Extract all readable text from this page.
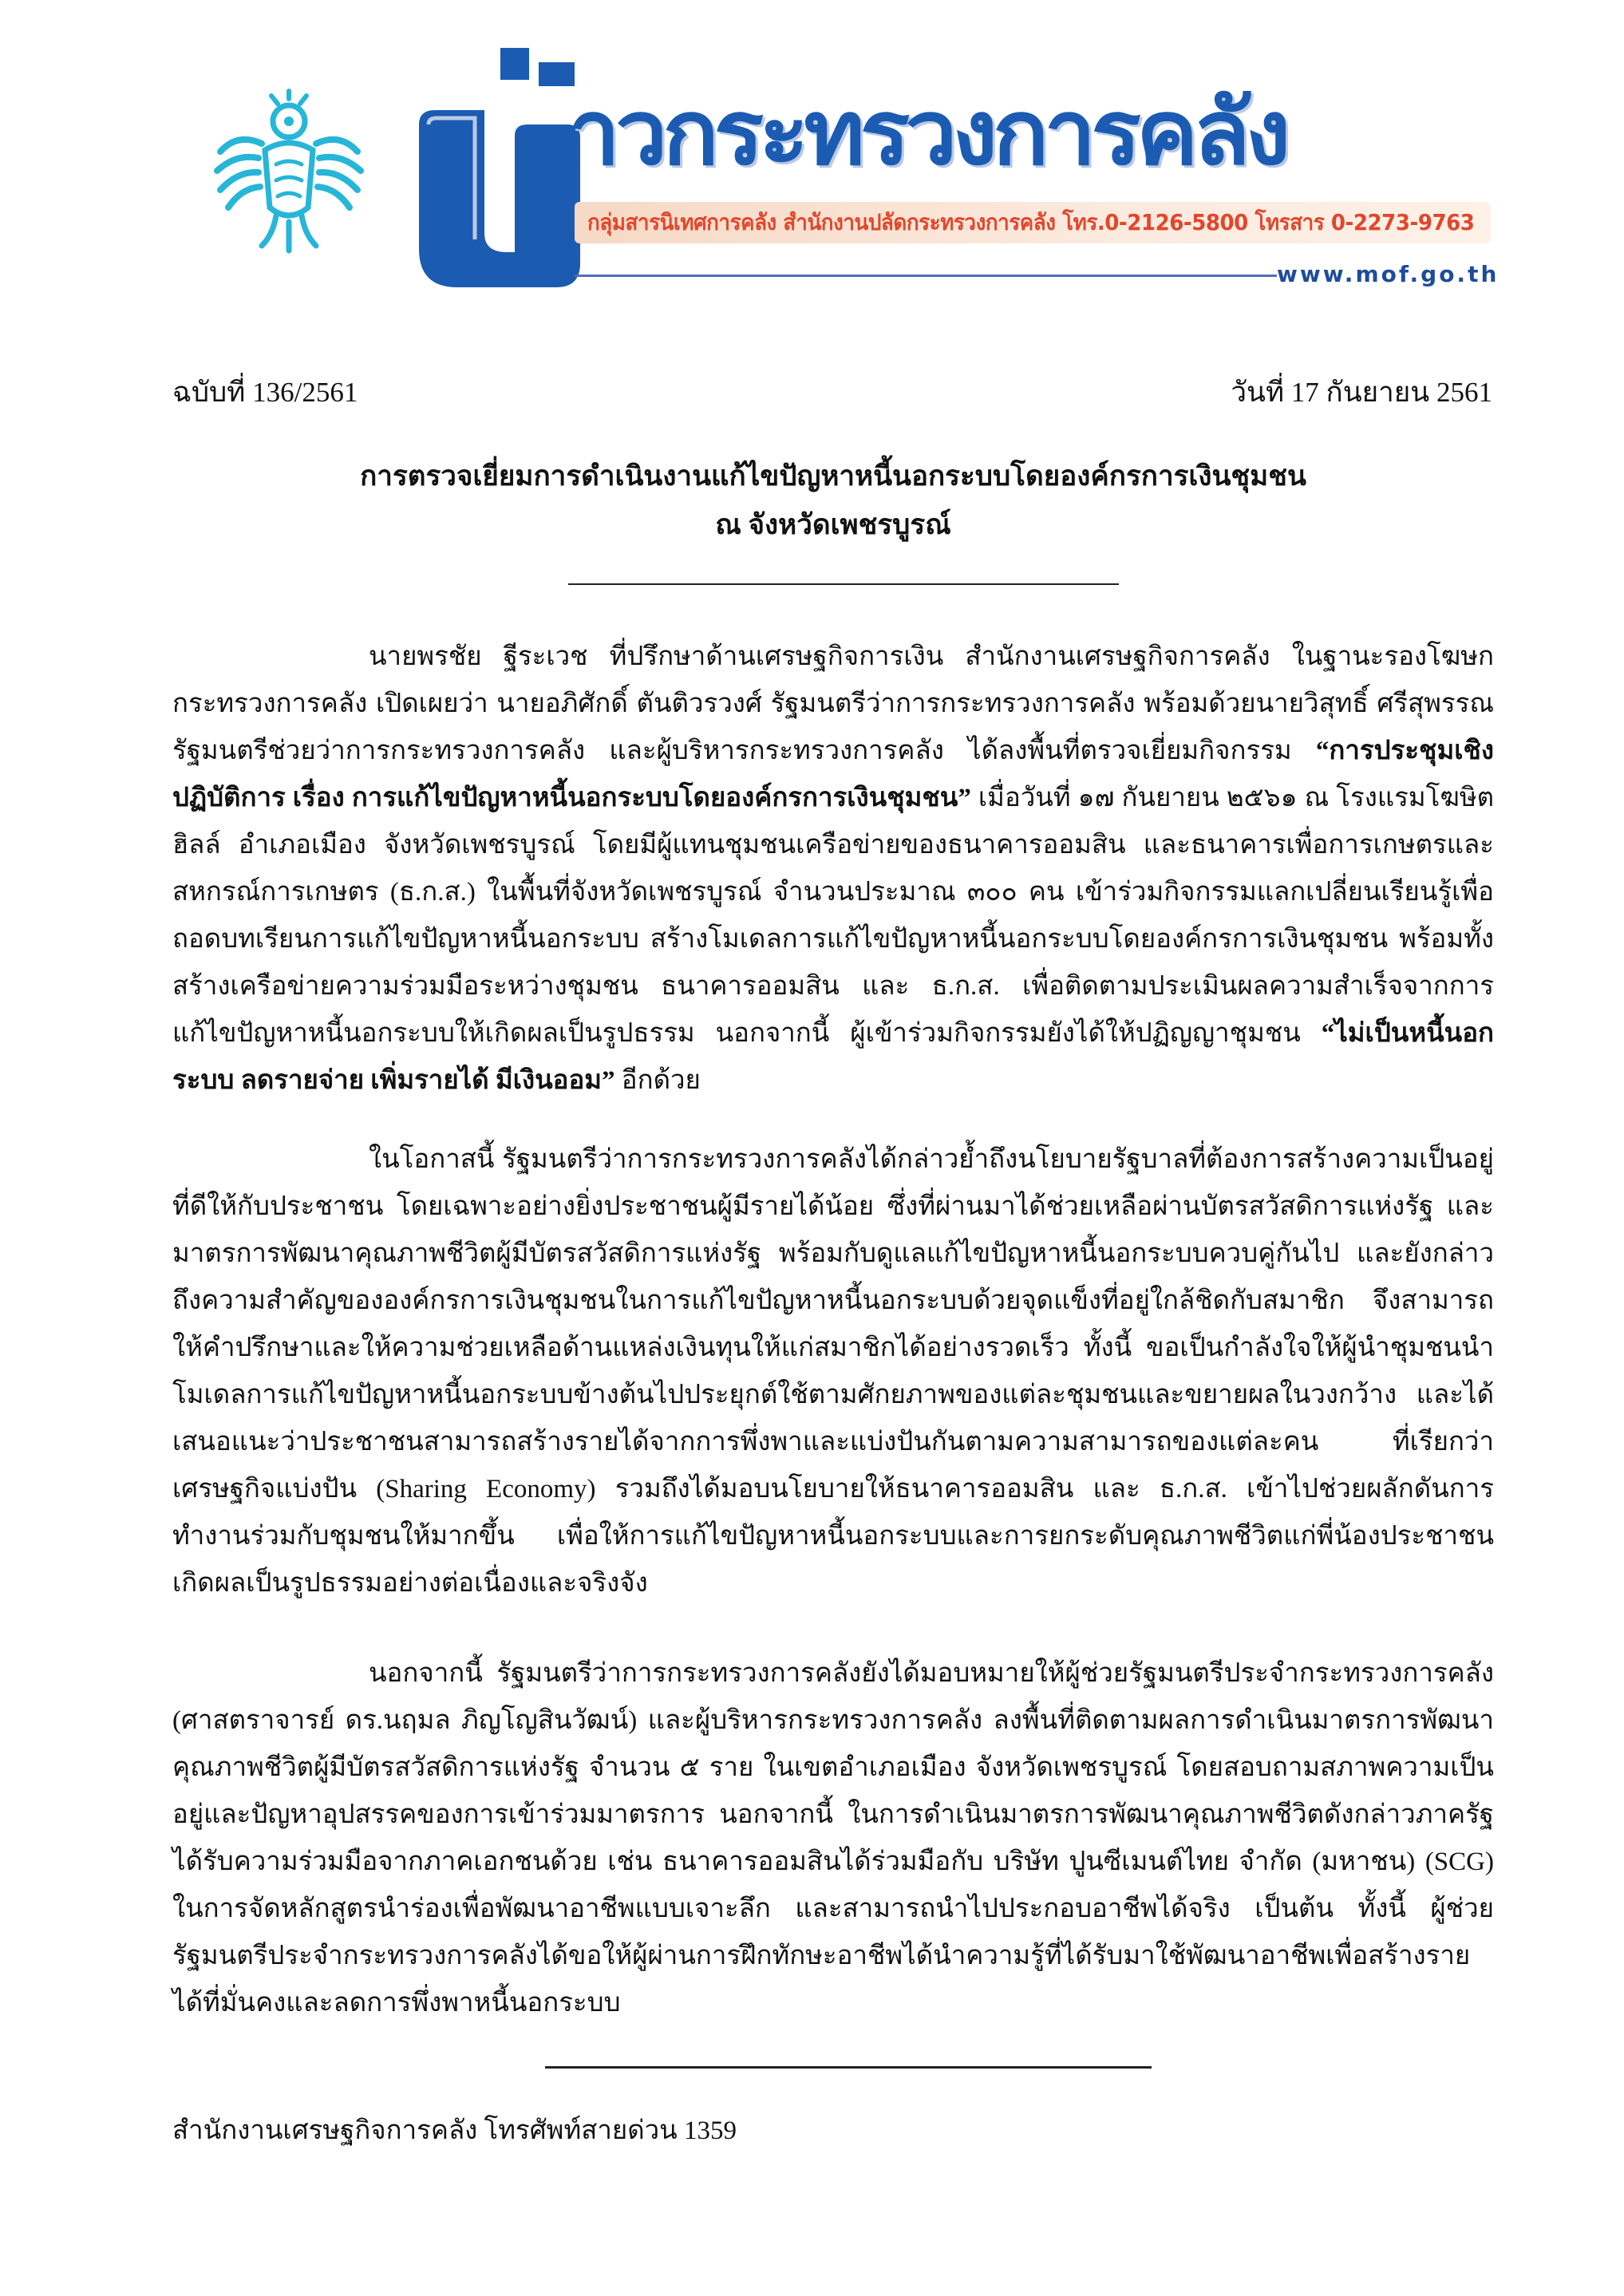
าวกระทรวงการคลัง
กลุ่มสารนิเทศการคลัง สำนักงานปลัดกระทรวงการคลัง โทร.0-2126-5800 โทรสาร 0-2273-9763
www.mof.go.th
ฉบับที่ 136/2561	วันที่ 17 กันยายน 2561
การตรวจเยี่ยมการดำเนินงานแก้ไขปัญหาหนี้นอกระบบโดยองค์กรการเงินชุมชน
ณ จังหวัดเพชรบูรณ์

นายพรชัย ฐีระเวช ที่ปรึกษาด้านเศรษฐกิจการเงิน สำนักงานเศรษฐกิจการคลัง ในฐานะรองโฆษกกระทรวงการคลัง เปิดเผยว่า นายอภิศักดิ์ ตันติวรวงศ์ รัฐมนตรีว่าการกระทรวงการคลัง พร้อมด้วยนายวิสุทธิ์ ศรีสุพรรณ รัฐมนตรีช่วยว่าการกระทรวงการคลัง และผู้บริหารกระทรวงการคลัง ได้ลงพื้นที่ตรวจเยี่ยมกิจกรรม “การประชุมเชิงปฏิบัติการ เรื่อง การแก้ไขปัญหาหนี้นอกระบบโดยองค์กรการเงินชุมชน” เมื่อวันที่ ๑๗ กันยายน ๒๕๖๑ ณ โรงแรมโฆษิตฮิลล์ อำเภอเมือง จังหวัดเพชรบูรณ์ โดยมีผู้แทนชุมชนเครือข่ายของธนาคารออมสิน และธนาคารเพื่อการเกษตรและสหกรณ์การเกษตร (ธ.ก.ส.) ในพื้นที่จังหวัดเพชรบูรณ์ จำนวนประมาณ ๓๐๐ คน เข้าร่วมกิจกรรมแลกเปลี่ยนเรียนรู้เพื่อถอดบทเรียนการแก้ไขปัญหาหนี้นอกระบบ สร้างโมเดลการแก้ไขปัญหาหนี้นอกระบบโดยองค์กรการเงินชุมชน พร้อมทั้งสร้างเครือข่ายความร่วมมือระหว่างชุมชน ธนาคารออมสิน และ ธ.ก.ส. เพื่อติดตามประเมินผลความสำเร็จจากการแก้ไขปัญหาหนี้นอกระบบให้เกิดผลเป็นรูปธรรม นอกจากนี้ ผู้เข้าร่วมกิจกรรมยังได้ให้ปฏิญญาชุมชน “ไม่เป็นหนี้นอกระบบ ลดรายจ่าย เพิ่มรายได้ มีเงินออม” อีกด้วย

ในโอกาสนี้ รัฐมนตรีว่าการกระทรวงการคลังได้กล่าวย้ำถึงนโยบายรัฐบาลที่ต้องการสร้างความเป็นอยู่ที่ดีให้กับประชาชน โดยเฉพาะอย่างยิ่งประชาชนผู้มีรายได้น้อย ซึ่งที่ผ่านมาได้ช่วยเหลือผ่านบัตรสวัสดิการแห่งรัฐ และมาตรการพัฒนาคุณภาพชีวิตผู้มีบัตรสวัสดิการแห่งรัฐ พร้อมกับดูแลแก้ไขปัญหาหนี้นอกระบบควบคู่กันไป และยังกล่าวถึงความสำคัญขององค์กรการเงินชุมชนในการแก้ไขปัญหาหนี้นอกระบบด้วยจุดแข็งที่อยู่ใกล้ชิดกับสมาชิก จึงสามารถให้คำปรึกษาและให้ความช่วยเหลือด้านแหล่งเงินทุนให้แก่สมาชิกได้อย่างรวดเร็ว ทั้งนี้ ขอเป็นกำลังใจให้ผู้นำชุมชนนำโมเดลการแก้ไขปัญหาหนี้นอกระบบข้างต้นไปประยุกต์ใช้ตามศักยภาพของแต่ละชุมชนและขยายผลในวงกว้าง และได้เสนอแนะว่าประชาชนสามารถสร้างรายได้จากการพึ่งพาและแบ่งปันกันตามความสามารถของแต่ละคน ที่เรียกว่า เศรษฐกิจแบ่งปัน (Sharing Economy) รวมถึงได้มอบนโยบายให้ธนาคารออมสิน และ ธ.ก.ส. เข้าไปช่วยผลักดันการทำงานร่วมกับชุมชนให้มากขึ้น เพื่อให้การแก้ไขปัญหาหนี้นอกระบบและการยกระดับคุณภาพชีวิตแก่พี่น้องประชาชนเกิดผลเป็นรูปธรรมอย่างต่อเนื่องและจริงจัง

นอกจากนี้ รัฐมนตรีว่าการกระทรวงการคลังยังได้มอบหมายให้ผู้ช่วยรัฐมนตรีประจำกระทรวงการคลัง (ศาสตราจารย์ ดร.นฤมล ภิญโญสินวัฒน์) และผู้บริหารกระทรวงการคลัง ลงพื้นที่ติดตามผลการดำเนินมาตรการพัฒนาคุณภาพชีวิตผู้มีบัตรสวัสดิการแห่งรัฐ จำนวน ๕ ราย ในเขตอำเภอเมือง จังหวัดเพชรบูรณ์ โดยสอบถามสภาพความเป็นอยู่และปัญหาอุปสรรคของการเข้าร่วมมาตรการ นอกจากนี้ ในการดำเนินมาตรการพัฒนาคุณภาพชีวิตดังกล่าวภาครัฐได้รับความร่วมมือจากภาคเอกชนด้วย เช่น ธนาคารออมสินได้ร่วมมือกับ บริษัท ปูนซีเมนต์ไทย จำกัด (มหาชน) (SCG) ในการจัดหลักสูตรนำร่องเพื่อพัฒนาอาชีพแบบเจาะลึก และสามารถนำไปประกอบอาชีพได้จริง เป็นต้น ทั้งนี้ ผู้ช่วยรัฐมนตรีประจำกระทรวงการคลังได้ขอให้ผู้ผ่านการฝึกทักษะอาชีพได้นำความรู้ที่ได้รับมาใช้พัฒนาอาชีพเพื่อสร้างรายได้ที่มั่นคงและลดการพึ่งพาหนี้นอกระบบ

สำนักงานเศรษฐกิจการคลัง โทรศัพท์สายด่วน 1359
